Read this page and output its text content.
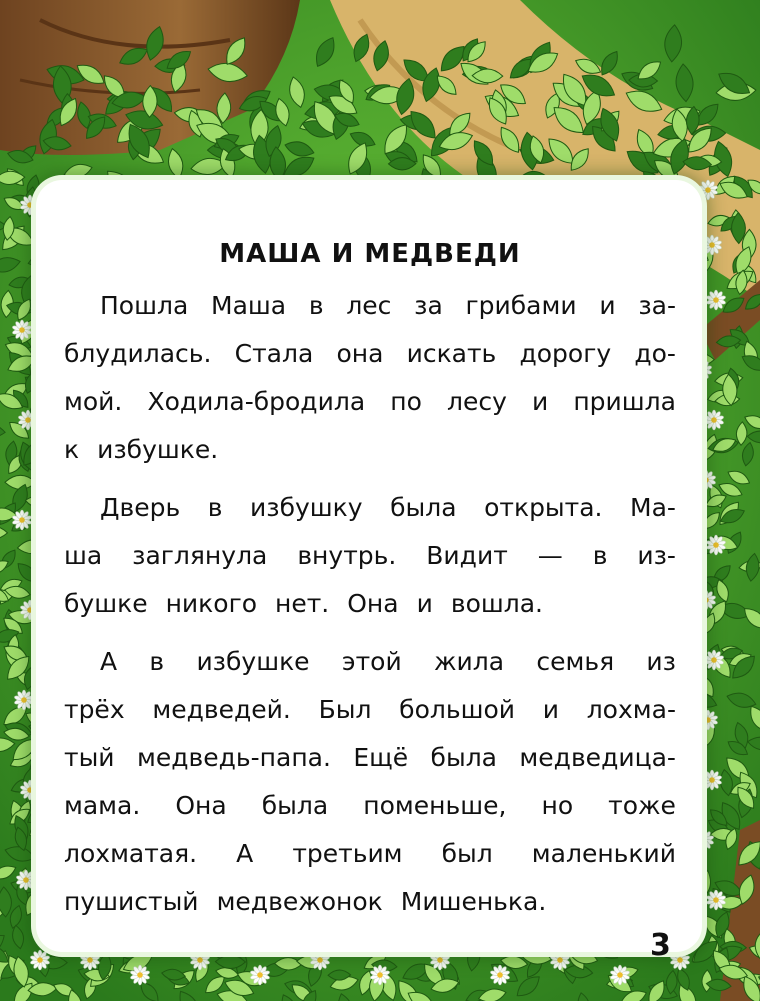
МАША И МЕДВЕДИ
Пошла Маша в лес за грибами и за-
блудилась. Стала она искать дорогу до-
мой. Ходила-бродила по лесу и пришла
к избушке.
Дверь в избушку была открыта. Ма-
ша заглянула внутрь. Видит — в из-
бушке никого нет. Она и вошла.
А в избушке этой жила семья из
трёх медведей. Был большой и лохма-
тый медведь-папа. Ещё была медведица-
мама. Она была поменьше, но тоже
лохматая. А третьим был маленький
пушистый медвежонок Мишенька.
3
